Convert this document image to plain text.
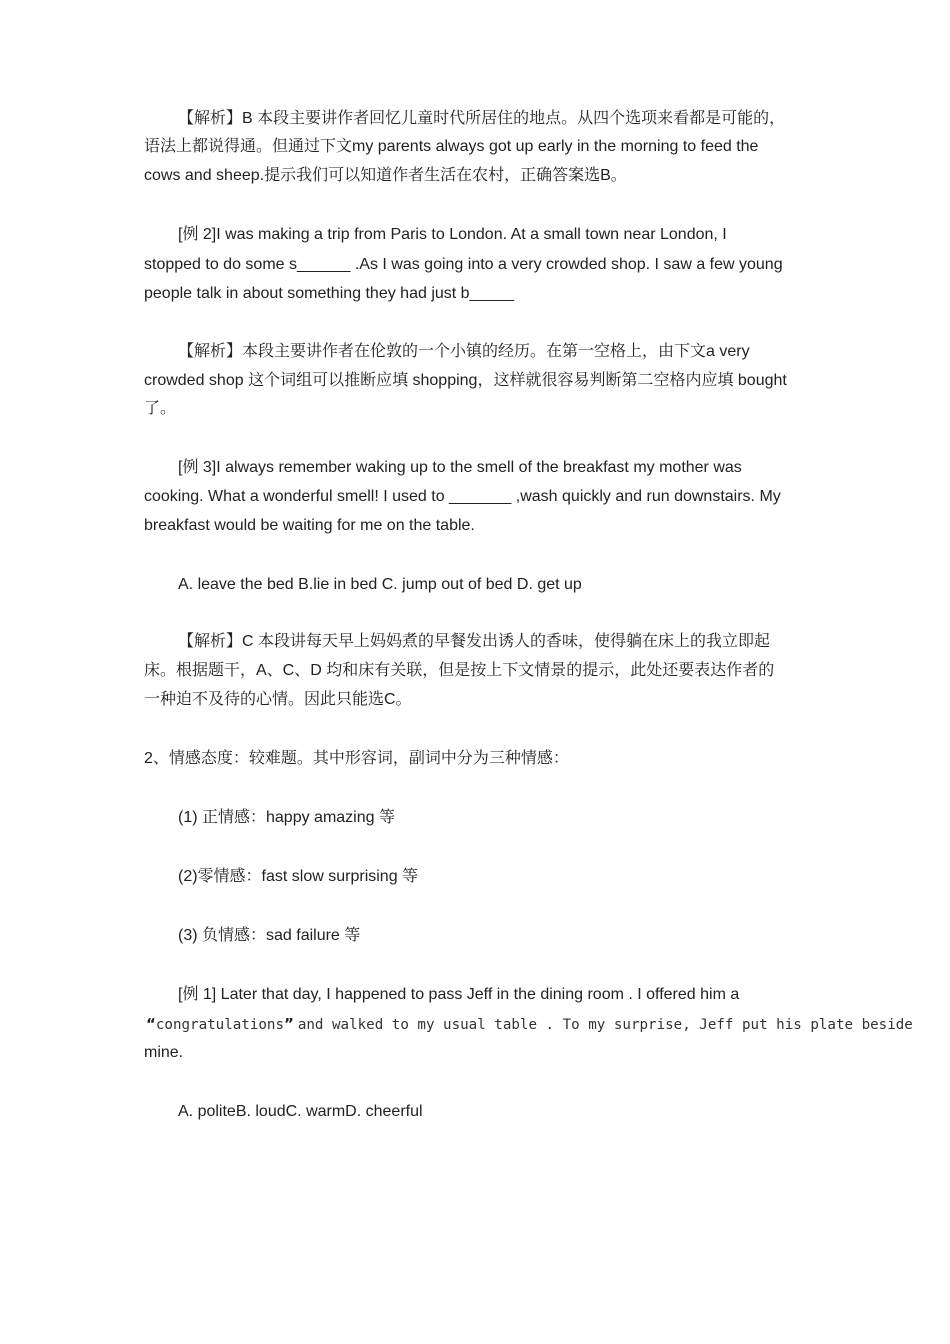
【解析】B 本段主要讲作者回忆儿童时代所居住的地点。从四个选项来看都是可能的，
语法上都说得通。但通过下文my parents always got up early in the morning to feed the
cows and sheep.提示我们可以知道作者生活在农村，正确答案选B。
[例 2]I was making a trip from Paris to London. At a small town near London, I
stopped to do some s______ .As I was going into a very crowded shop. I saw a few young
people talk in about something they had just b_____
【解析】本段主要讲作者在伦敦的一个小镇的经历。在第一空格上，由下文a very
crowded shop 这个词组可以推断应填 shopping，这样就很容易判断第二空格内应填 bought
了。
[例 3]I always remember waking up to the smell of the breakfast my mother was
cooking. What a wonderful smell! I used to _______ ,wash quickly and run downstairs. My
breakfast would be waiting for me on the table.
A. leave the bed B.lie in bed C. jump out of bed D. get up
【解析】C 本段讲每天早上妈妈煮的早餐发出诱人的香味，使得躺在床上的我立即起
床。根据题干，A、C、D 均和床有关联，但是按上下文情景的提示，此处还要表达作者的
一种迫不及待的心情。因此只能选C。
2、情感态度：较难题。其中形容词，副词中分为三种情感：
(1) 正情感：happy amazing 等
(2)零情感：fast slow surprising 等
(3) 负情感：sad failure 等
[例 1] Later that day, I happened to pass Jeff in the dining room . I offered him a
“congratulations” and walked to my usual table . To my surprise, Jeff put his plate beside
mine.
A. politeB. loudC. warmD. cheerful
